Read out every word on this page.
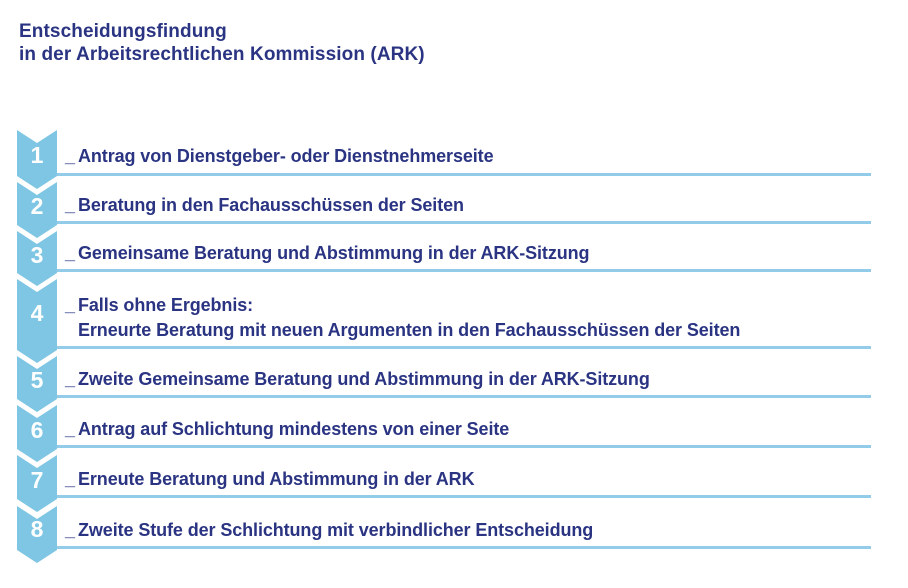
Entscheidungsfindung
in der Arbeitsrechtlichen Kommission (ARK)
1
2
3
4
5
6
7
8
_ Antrag von Dienstgeber- oder Dienstnehmerseite
_ Beratung in den Fachausschüssen der Seiten
_ Gemeinsame Beratung und Abstimmung in der ARK-Sitzung
_ Falls ohne Ergebnis:
Erneurte Beratung mit neuen Argumenten in den Fachausschüssen der Seiten
_ Zweite Gemeinsame Beratung und Abstimmung in der ARK-Sitzung
_ Antrag auf Schlichtung mindestens von einer Seite
_ Erneute Beratung und Abstimmung in der ARK
_ Zweite Stufe der Schlichtung mit verbindlicher Entscheidung
